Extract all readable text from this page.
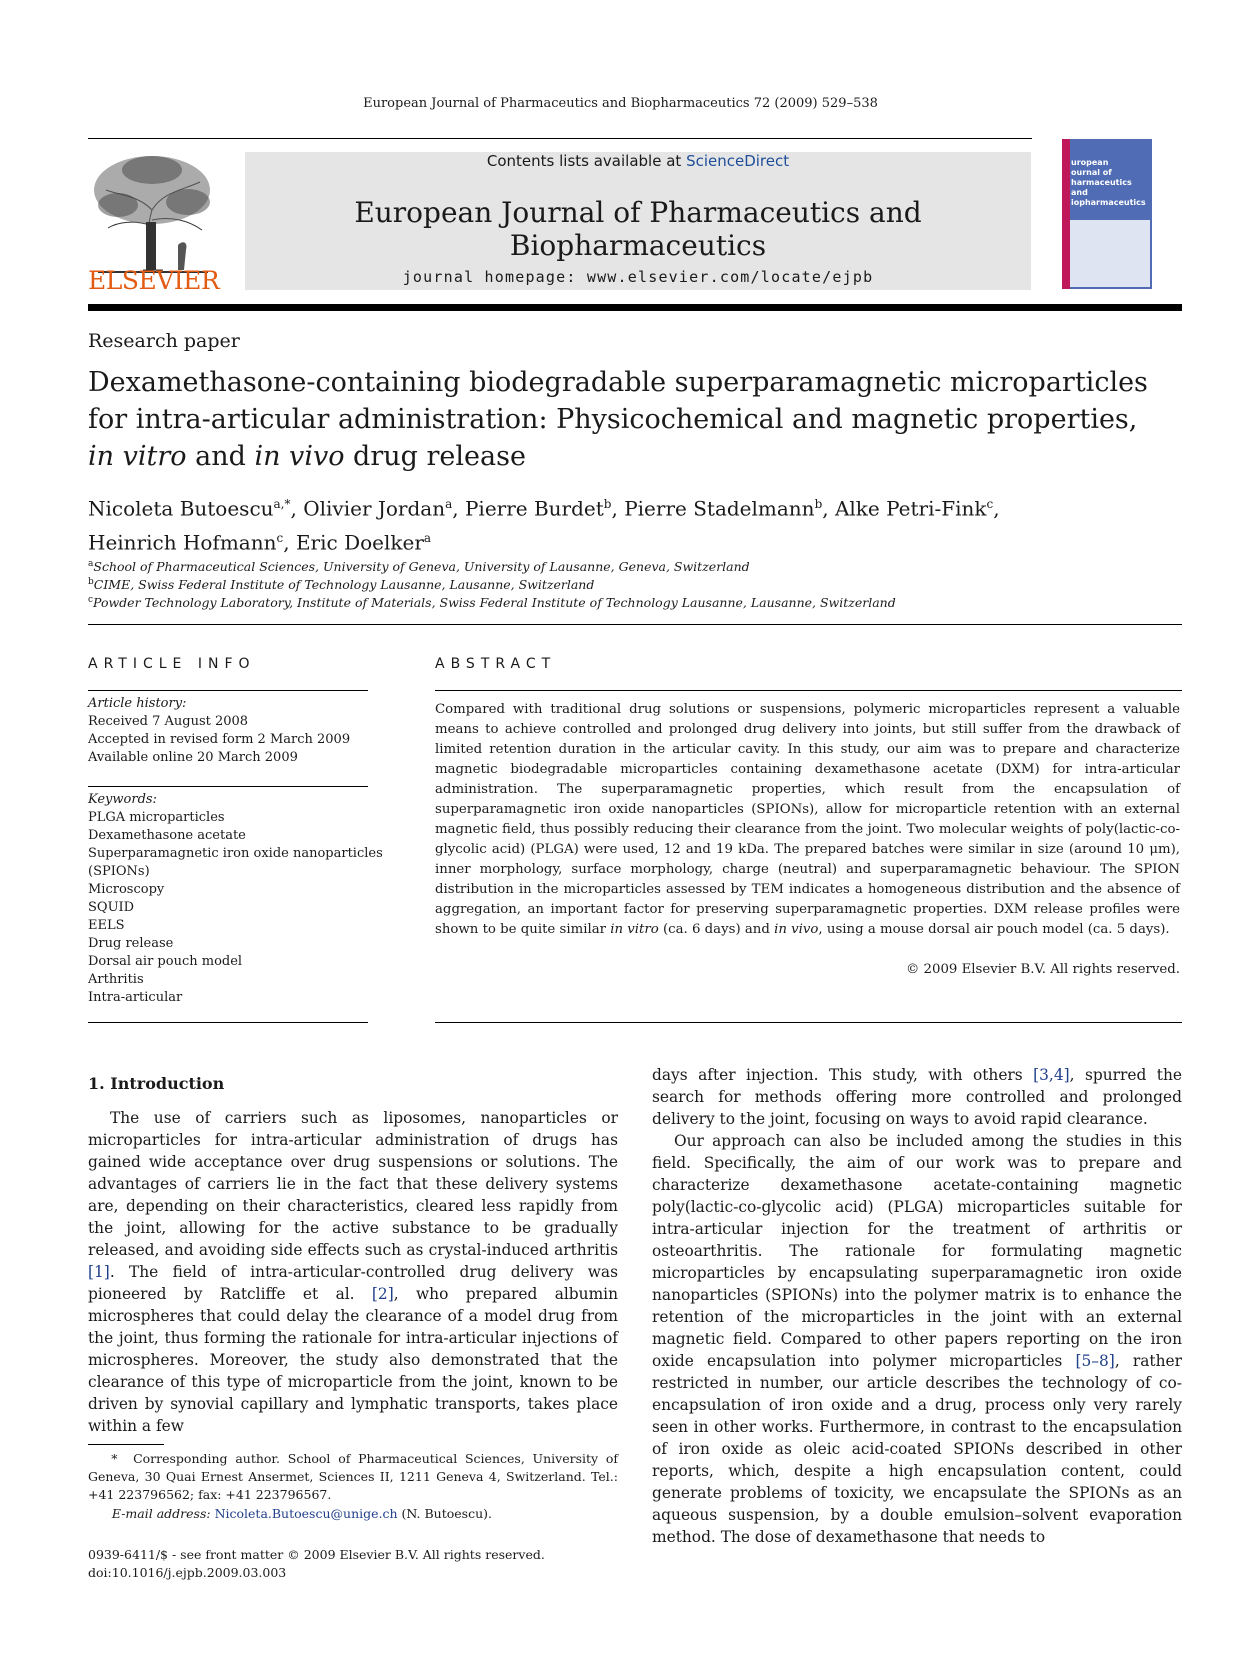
European Journal of Pharmaceutics and Biopharmaceutics 72 (2009) 529–538
ELSEVIER
Contents lists available at ScienceDirect
European Journal of Pharmaceutics and Biopharmaceutics
journal homepage: www.elsevier.com/locate/ejpb
uropean
ournal of
harmaceutics and
iopharmaceutics
Research paper
Dexamethasone-containing biodegradable superparamagnetic microparticles
for intra-articular administration: Physicochemical and magnetic properties,
in vitro and in vivo drug release
Nicoleta Butoescu$^{a,*}$, Olivier Jordan$^a$, Pierre Burdet$^b$, Pierre Stadelmann$^b$, Alke Petri-Fink$^c$,
Heinrich Hofmann$^c$, Eric Doelker$^a$
$^a$School of Pharmaceutical Sciences, University of Geneva, University of Lausanne, Geneva, Switzerland
$^b$CIME, Swiss Federal Institute of Technology Lausanne, Lausanne, Switzerland
$^c$Powder Technology Laboratory, Institute of Materials, Swiss Federal Institute of Technology Lausanne, Lausanne, Switzerland
ARTICLE INFO
Article history:
Received 7 August 2008
Accepted in revised form 2 March 2009
Available online 20 March 2009
Keywords:
PLGA microparticles
Dexamethasone acetate
Superparamagnetic iron oxide nanoparticles
(SPIONs)
Microscopy
SQUID
EELS
Drug release
Dorsal air pouch model
Arthritis
Intra-articular
ABSTRACT
Compared with traditional drug solutions or suspensions, polymeric microparticles represent a valuable means to achieve controlled and prolonged drug delivery into joints, but still suffer from the drawback of limited retention duration in the articular cavity. In this study, our aim was to prepare and characterize magnetic biodegradable microparticles containing dexamethasone acetate (DXM) for intra-articular administration. The superparamagnetic properties, which result from the encapsulation of superparamagnetic iron oxide nanoparticles (SPIONs), allow for microparticle retention with an external magnetic field, thus possibly reducing their clearance from the joint. Two molecular weights of poly(lactic-co-glycolic acid) (PLGA) were used, 12 and 19 kDa. The prepared batches were similar in size (around 10 μm), inner morphology, surface morphology, charge (neutral) and superparamagnetic behaviour. The SPION distribution in the microparticles assessed by TEM indicates a homogeneous distribution and the absence of aggregation, an important factor for preserving superparamagnetic properties. DXM release profiles were shown to be quite similar in vitro (ca. 6 days) and in vivo, using a mouse dorsal air pouch model (ca. 5 days).
© 2009 Elsevier B.V. All rights reserved.
1. Introduction

The use of carriers such as liposomes, nanoparticles or microparticles for intra-articular administration of drugs has gained wide acceptance over drug suspensions or solutions. The advantages of carriers lie in the fact that these delivery systems are, depending on their characteristics, cleared less rapidly from the joint, allowing for the active substance to be gradually released, and avoiding side effects such as crystal-induced arthritis [1]. The field of intra-articular-controlled drug delivery was pioneered by Ratcliffe et al. [2], who prepared albumin microspheres that could delay the clearance of a model drug from the joint, thus forming the rationale for intra-articular injections of microspheres. Moreover, the study also demonstrated that the clearance of this type of microparticle from the joint, known to be driven by synovial capillary and lymphatic transports, takes place within a few

days after injection. This study, with others [3,4], spurred the search for methods offering more controlled and prolonged delivery to the joint, focusing on ways to avoid rapid clearance.

Our approach can also be included among the studies in this field. Specifically, the aim of our work was to prepare and characterize dexamethasone acetate-containing magnetic poly(lactic-co-glycolic acid) (PLGA) microparticles suitable for intra-articular injection for the treatment of arthritis or osteoarthritis. The rationale for formulating magnetic microparticles by encapsulating superparamagnetic iron oxide nanoparticles (SPIONs) into the polymer matrix is to enhance the retention of the microparticles in the joint with an external magnetic field. Compared to other papers reporting on the iron oxide encapsulation into polymer microparticles [5–8], rather restricted in number, our article describes the technology of co-encapsulation of iron oxide and a drug, process only very rarely seen in other works. Furthermore, in contrast to the encapsulation of iron oxide as oleic acid-coated SPIONs described in other reports, which, despite a high encapsulation content, could generate problems of toxicity, we encapsulate the SPIONs as an aqueous suspension, by a double emulsion–solvent evaporation method. The dose of dexamethasone that needs to

* Corresponding author. School of Pharmaceutical Sciences, University of Geneva, 30 Quai Ernest Ansermet, Sciences II, 1211 Geneva 4, Switzerland. Tel.: +41 223796562; fax: +41 223796567.
E-mail address: Nicoleta.Butoescu@unige.ch (N. Butoescu).
0939-6411/$ - see front matter © 2009 Elsevier B.V. All rights reserved.
doi:10.1016/j.ejpb.2009.03.003
